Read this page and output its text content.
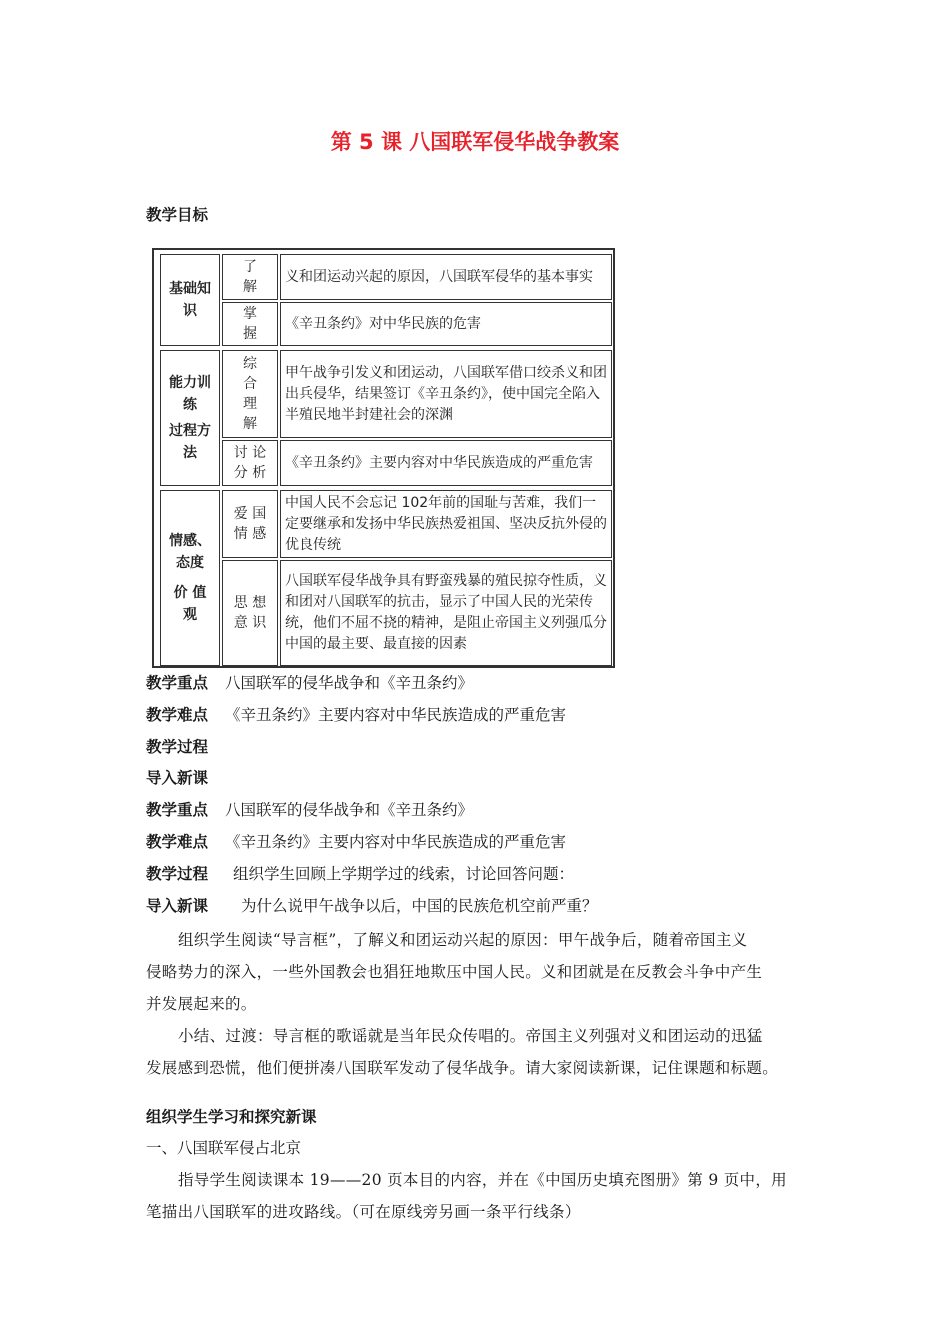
第 5 课 八国联军侵华战争教案
教学目标
基础知
识
了
解
义和团运动兴起的原因，八国联军侵华的基本事实
掌
握
《辛丑条约》对中华民族的危害
能力训
练
过程方
法
综
合
理
解
甲午战争引发义和团运动，八国联军借口绞杀义和团出兵侵华，结果签订《辛丑条约》，使中国完全陷入半殖民地半封建社会的深渊
讨 论
分 析
《辛丑条约》主要内容对中华民族造成的严重危害
情感、
态度
价 值
观
爱 国
情 感
中国人民不会忘记 102年前的国耻与苦难，我们一定要继承和发扬中华民族热爱祖国、坚决反抗外侵的优良传统
思 想
意 识
八国联军侵华战争具有野蛮残暴的殖民掠夺性质，义和团对八国联军的抗击，显示了中国人民的光荣传统，他们不屈不挠的精神，是阻止帝国主义列强瓜分中国的最主要、最直接的因素
教学重点 八国联军的侵华战争和《辛丑条约》
教学难点 《辛丑条约》主要内容对中华民族造成的严重危害
教学过程
导入新课
教学重点 八国联军的侵华战争和《辛丑条约》
教学难点 《辛丑条约》主要内容对中华民族造成的严重危害
教学过程 组织学生回顾上学期学过的线索，讨论回答问题：
导入新课 为什么说甲午战争以后，中国的民族危机空前严重？
组织学生阅读“导言框”，了解义和团运动兴起的原因：甲午战争后，随着帝国主义
侵略势力的深入，一些外国教会也猖狂地欺压中国人民。义和团就是在反教会斗争中产生
并发展起来的。
小结、过渡：导言框的歌谣就是当年民众传唱的。帝国主义列强对义和团运动的迅猛
发展感到恐慌，他们便拼凑八国联军发动了侵华战争。请大家阅读新课，记住课题和标题。
组织学生学习和探究新课
一、八国联军侵占北京
指导学生阅读课本 19——20 页本目的内容，并在《中国历史填充图册》第 9 页中，用
笔描出八国联军的进攻路线。（可在原线旁另画一条平行线条）
